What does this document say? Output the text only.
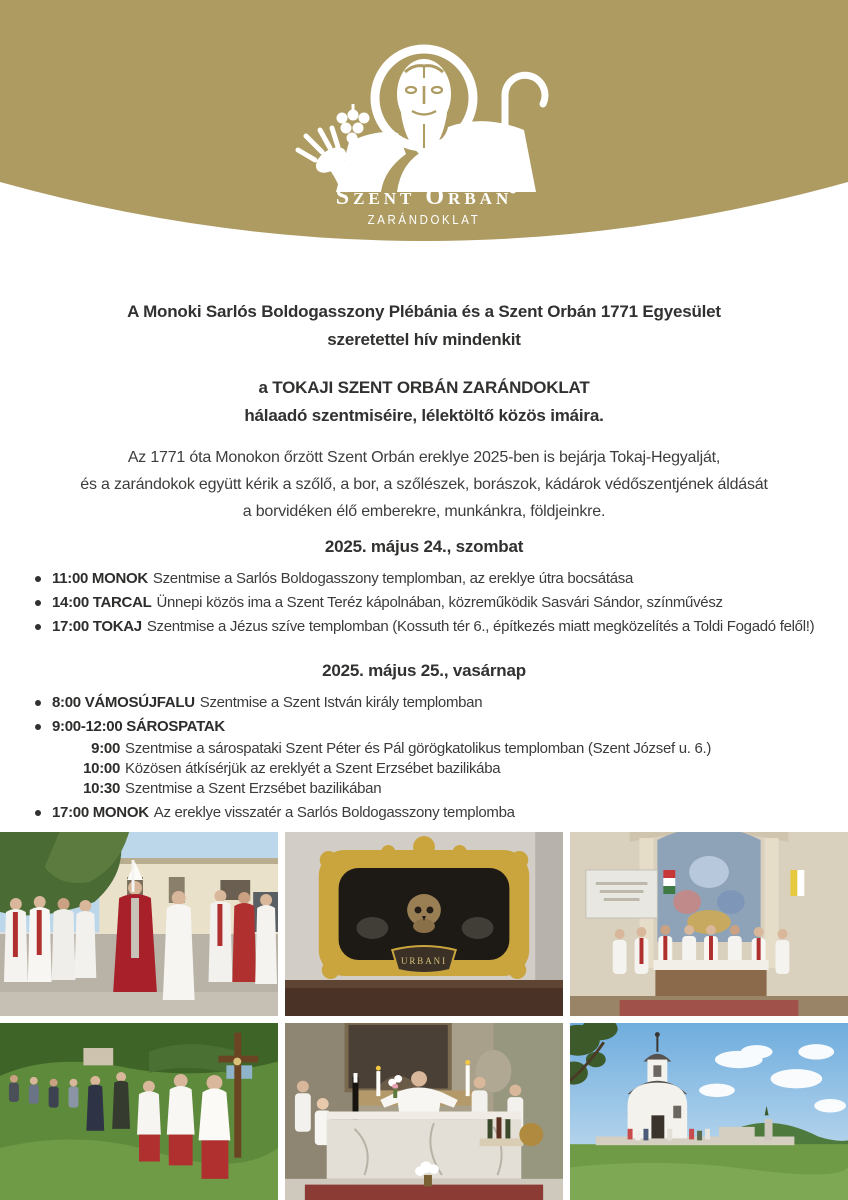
Szent Orbán
ZARÁNDOKLAT
A Monoki Sarlós Boldogasszony Plébánia és a Szent Orbán 1771 Egyesület
szeretettel hív mindenkit
a TOKAJI SZENT ORBÁN ZARÁNDOKLAT
hálaadó szentmiséire, lélektöltő közös imáira.
Az 1771 óta Monokon őrzött Szent Orbán ereklye 2025-ben is bejárja Tokaj-Hegyalját,
és a zarándokok együtt kérik a szőlő, a bor, a szőlészek, borászok, kádárok védőszentjének áldását
a borvidéken élő emberekre, munkánkra, földjeinkre.
2025. május 24., szombat
11:00 MONOK Szentmise a Sarlós Boldogasszony templomban, az ereklye útra bocsátása
14:00 TARCAL Ünnepi közös ima a Szent Teréz kápolnában, közreműködik Sasvári Sándor, színművész
17:00 TOKAJ Szentmise a Jézus szíve templomban (Kossuth tér 6., építkezés miatt megközelítés a Toldi Fogadó felől!)
2025. május 25., vasárnap
8:00 VÁMOSÚJFALU Szentmise a Szent István király templomban
9:00-12:00 SÁROSPATAK
9:00 Szentmise a sárospataki Szent Péter és Pál görögkatolikus templomban (Szent József u. 6.)
10:00 Közösen átkísérjük az ereklyét a Szent Erzsébet bazilikába
10:30 Szentmise a Szent Erzsébet bazilikában
17:00 MONOK Az ereklye visszatér a Sarlós Boldogasszony templomba
URBANI
